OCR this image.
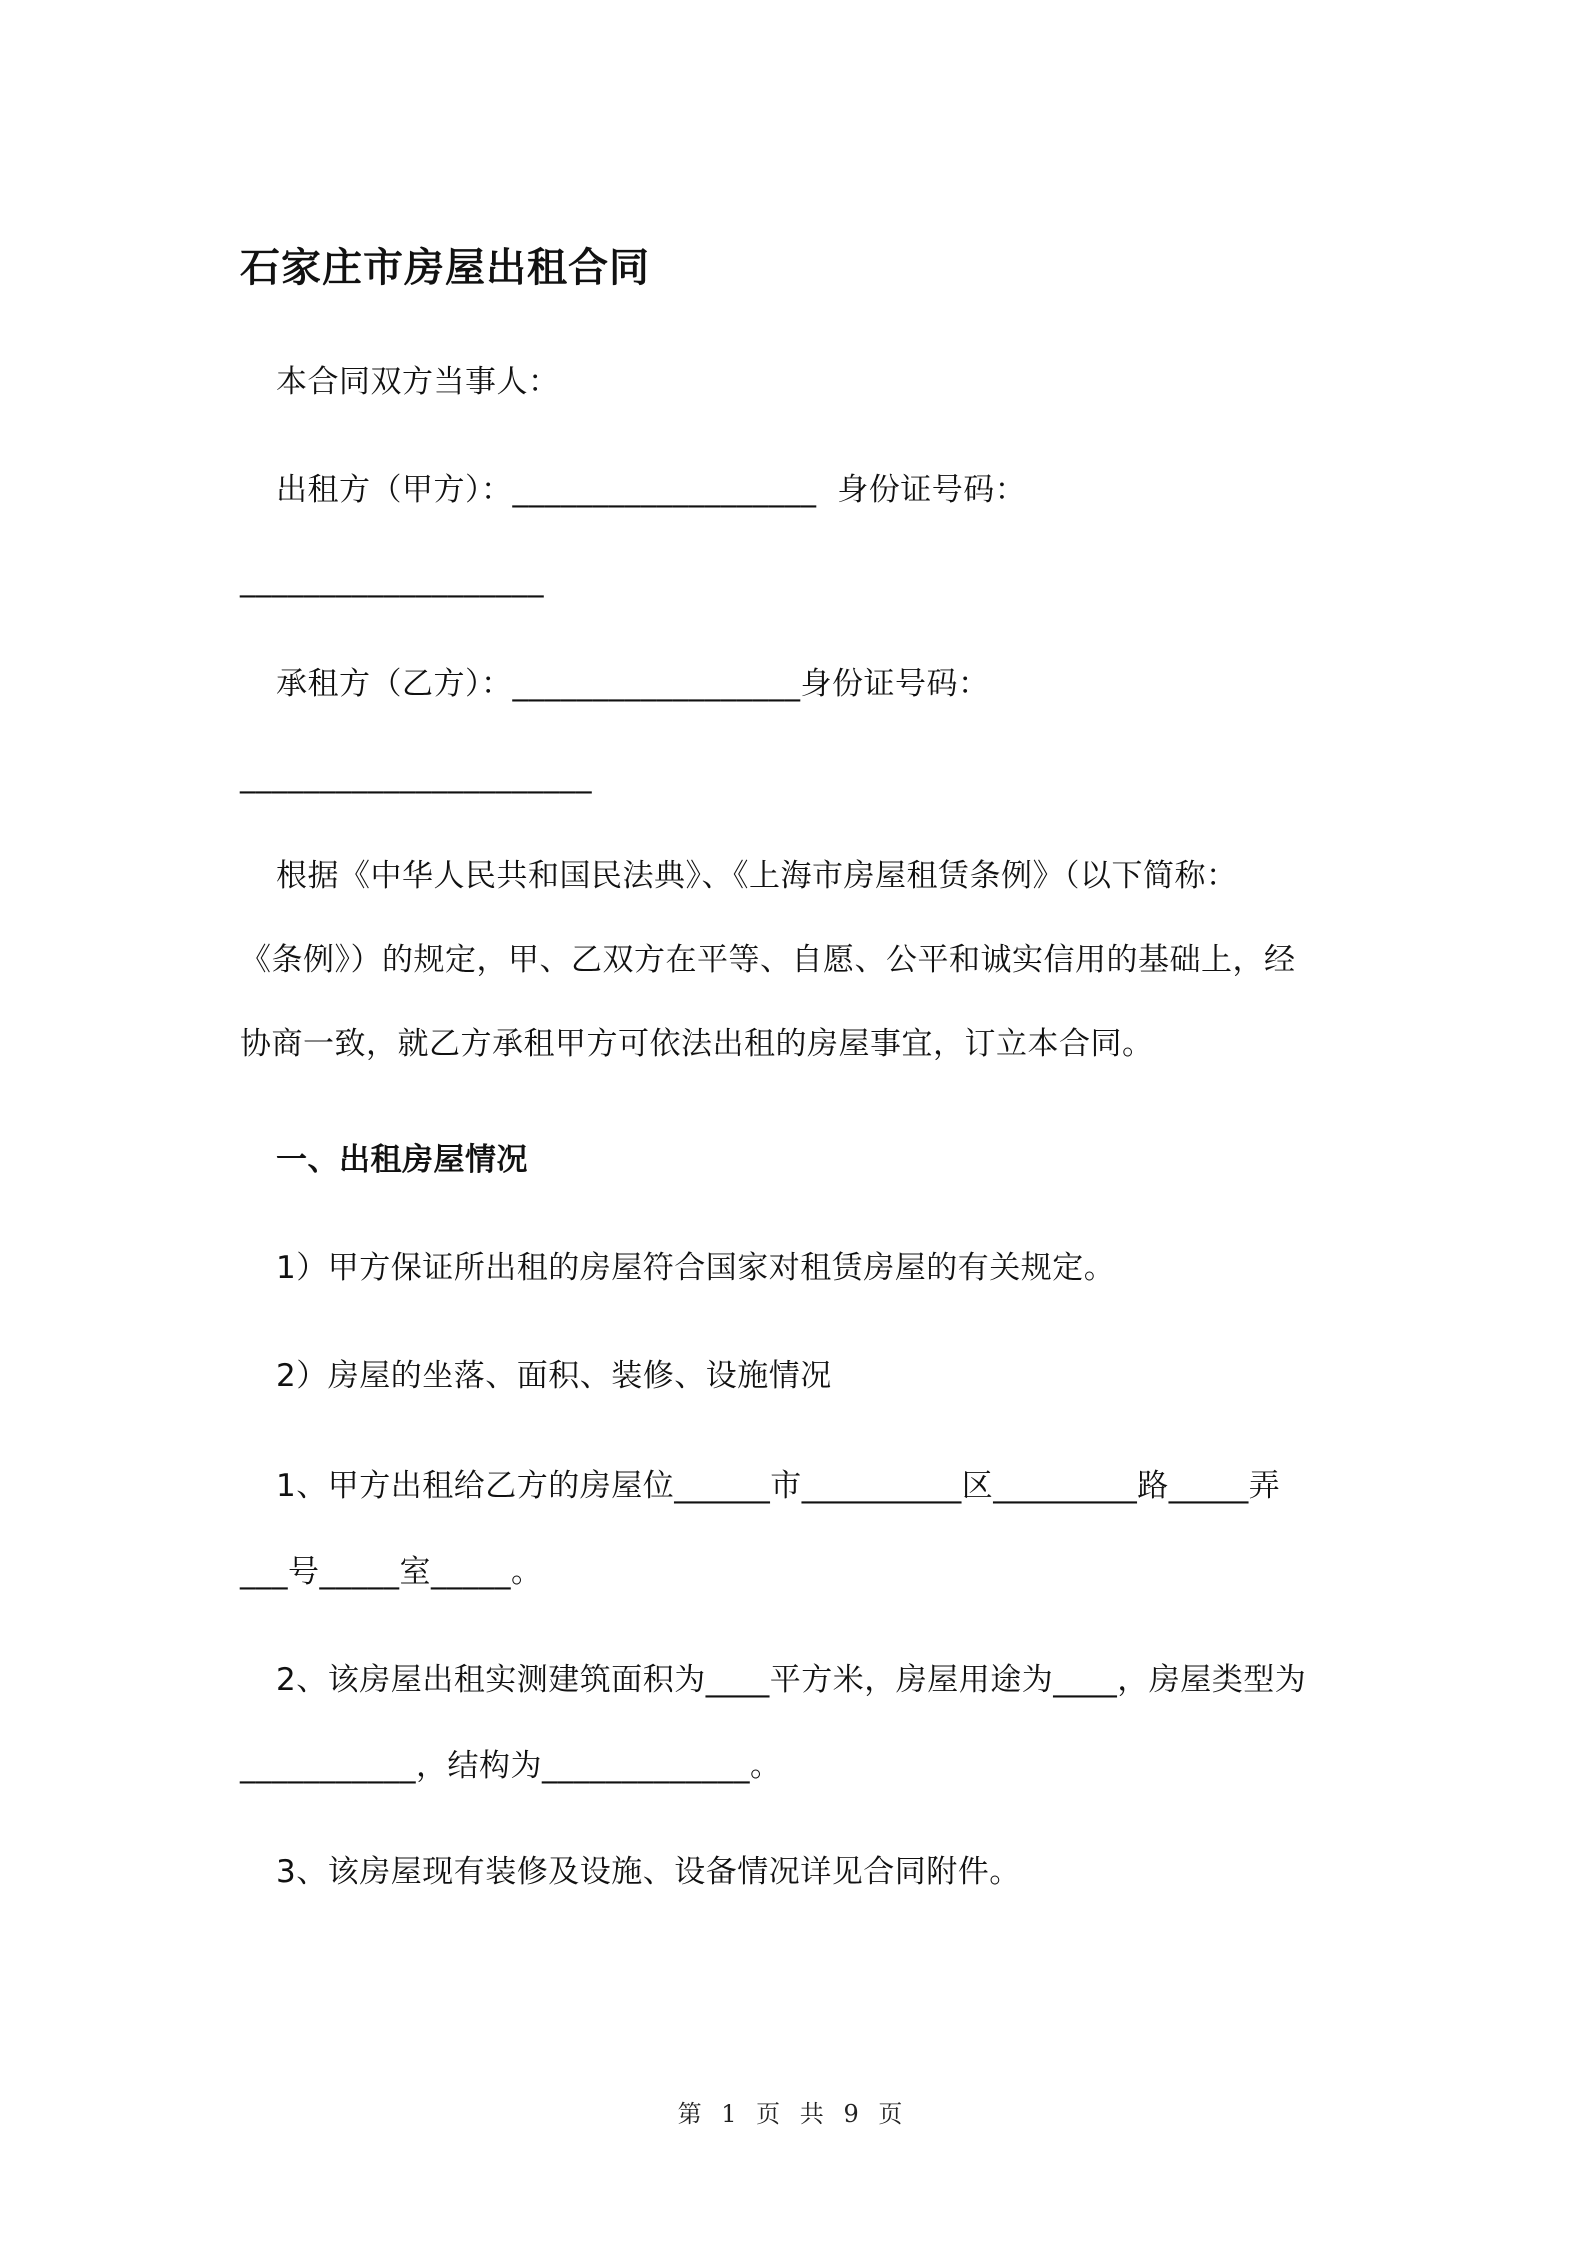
石家庄市房屋出租合同
本合同双方当事人：
出租方（甲方）：___________________  身份证号码：
___________________
承租方（乙方）：__________________身份证号码：
______________________
根据《中华人民共和国民法典》、《上海市房屋租赁条例》（以下简称：
《条例》）的规定，甲、乙双方在平等、自愿、公平和诚实信用的基础上，经
协商一致，就乙方承租甲方可依法出租的房屋事宜，订立本合同。
一、出租房屋情况
1）甲方保证所出租的房屋符合国家对租赁房屋的有关规定。
2）房屋的坐落、面积、装修、设施情况
1、甲方出租给乙方的房屋位______市__________区_________路_____弄
___号_____室_____。
2、该房屋出租实测建筑面积为____平方米，房屋用途为____，房屋类型为
___________，结构为_____________。
3、该房屋现有装修及设施、设备情况详见合同附件。
第 1 页 共 9 页
